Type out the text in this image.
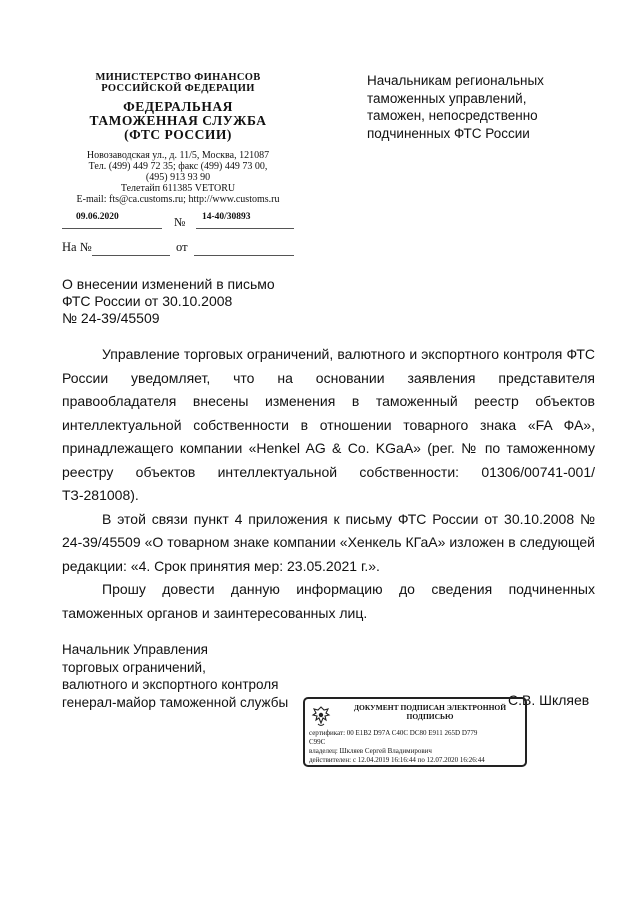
МИНИСТЕРСТВО ФИНАНСОВ
РОССИЙСКОЙ ФЕДЕРАЦИИ
ФЕДЕРАЛЬНАЯ
ТАМОЖЕННАЯ СЛУЖБА
(ФТС РОССИИ)
Новозаводская ул., д. 11/5, Москва, 121087
Тел. (499) 449 72 35; факс (499) 449 73 00,
(495) 913 93 90
Телетайп 611385 VETORU
E-mail: fts@ca.customs.ru; http://www.customs.ru
09.06.2020	№ 14-40/30893
На №	от
Начальникам региональных
таможенных управлений,
таможен, непосредственно
подчиненных ФТС России
О внесении изменений в письмо
ФТС России от 30.10.2008
№ 24-39/45509

Управление торговых ограничений, валютного и экспортного контроля ФТС России уведомляет, что на основании заявления представителя правообладателя внесены изменения в таможенный реестр объектов интеллектуальной собственности в отношении товарного знака «FA ФА», принадлежащего компании «Henkel AG & Co. KGaA» (рег. № по таможенному реестру объектов интеллектуальной собственности: 01306/00741-001/ТЗ-281008).

В этой связи пункт 4 приложения к письму ФТС России от 30.10.2008 № 24-39/45509 «О товарном знаке компании «Хенкель КГаА» изложен в следующей редакции: «4. Срок принятия мер: 23.05.2021 г.».

Прошу довести данную информацию до сведения подчиненных таможенных органов и заинтересованных лиц.

Начальник Управления
торговых ограничений,
валютного и экспортного контроля
генерал-майор таможенной службы	С.В. Шкляев
ДОКУМЕНТ ПОДПИСАН ЭЛЕКТРОННОЙ
ПОДПИСЬЮ
сертификат: 00 E1B2 D97A C40C DC80 E911 265D D779
C99C
владелец: Шкляев Сергей Владимирович
действителен: с 12.04.2019 16:16:44 по 12.07.2020 16:26:44
